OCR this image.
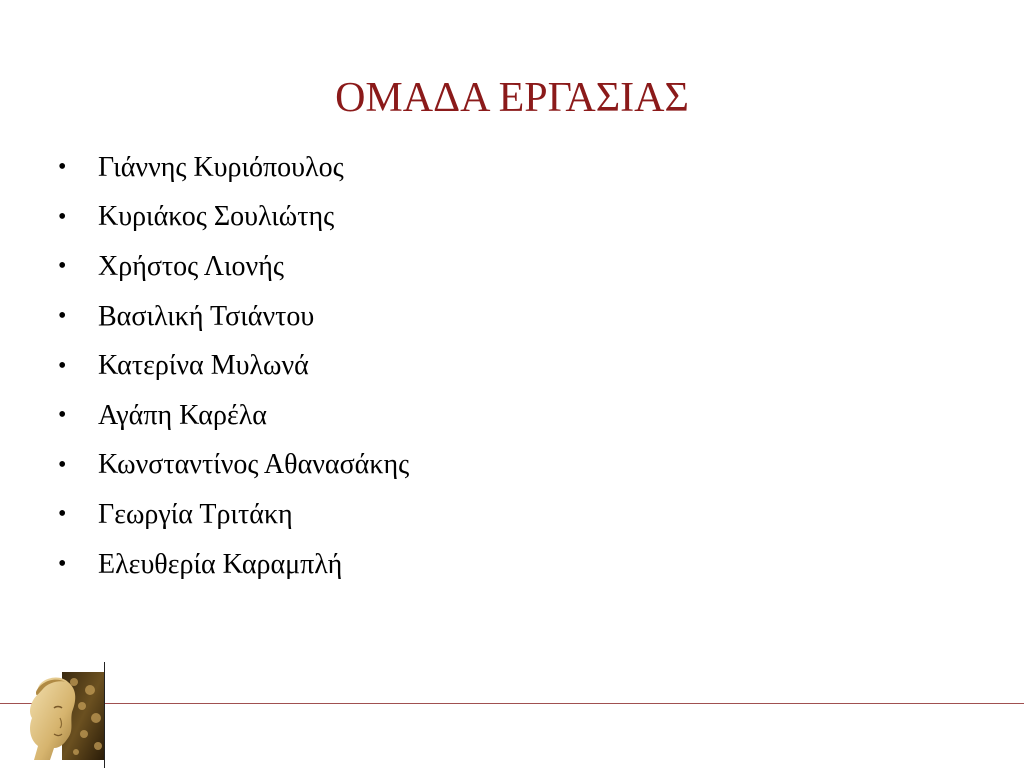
ΟΜΑΔΑ ΕΡΓΑΣΙΑΣ
•	Γιάννης Κυριόπουλος
•	Κυριάκος Σουλιώτης
•	Χρήστος Λιονής
•	Βασιλική Τσιάντου
•	Κατερίνα Μυλωνά
•	Αγάπη Καρέλα
•	Κωνσταντίνος Αθανασάκης
•	Γεωργία Τριτάκη
•	Ελευθερία Καραμπλή
